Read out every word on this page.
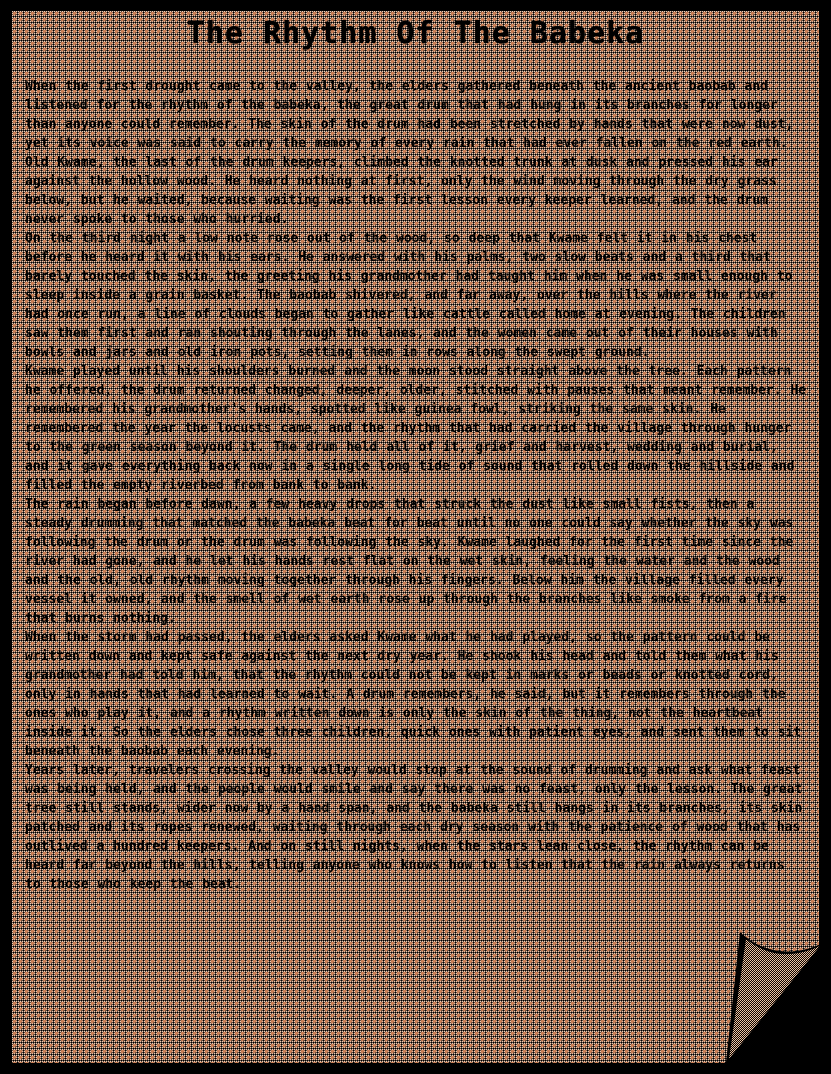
The Rhythm Of The Babeka

When the first drought came to the valley, the elders gathered beneath the ancient baobab and listened for the rhythm of the babeka, the great drum that had hung in its branches for longer than anyone could remember. The skin of the drum had been stretched by hands that were now dust, yet its voice was said to carry the memory of every rain that had ever fallen on the red earth. Old Kwame, the last of the drum keepers, climbed the knotted trunk at dusk and pressed his ear against the hollow wood. He heard nothing at first, only the wind moving through the dry grass below, but he waited, because waiting was the first lesson every keeper learned, and the drum never spoke to those who hurried.

On the third night a low note rose out of the wood, so deep that Kwame felt it in his chest before he heard it with his ears. He answered with his palms, two slow beats and a third that barely touched the skin, the greeting his grandmother had taught him when he was small enough to sleep inside a grain basket. The baobab shivered, and far away, over the hills where the river had once run, a line of clouds began to gather like cattle called home at evening. The children saw them first and ran shouting through the lanes, and the women came out of their houses with bowls and jars and old iron pots, setting them in rows along the swept ground.

Kwame played until his shoulders burned and the moon stood straight above the tree. Each pattern he offered, the drum returned changed, deeper, older, stitched with pauses that meant remember. He remembered his grandmother's hands, spotted like guinea fowl, striking the same skin. He remembered the year the locusts came, and the rhythm that had carried the village through hunger to the green season beyond it. The drum held all of it, grief and harvest, wedding and burial, and it gave everything back now in a single long tide of sound that rolled down the hillside and filled the empty riverbed from bank to bank.

The rain began before dawn, a few heavy drops that struck the dust like small fists, then a steady drumming that matched the babeka beat for beat until no one could say whether the sky was following the drum or the drum was following the sky. Kwame laughed for the first time since the river had gone, and he let his hands rest flat on the wet skin, feeling the water and the wood and the old, old rhythm moving together through his fingers. Below him the village filled every vessel it owned, and the smell of wet earth rose up through the branches like smoke from a fire that burns nothing.

When the storm had passed, the elders asked Kwame what he had played, so the pattern could be written down and kept safe against the next dry year. He shook his head and told them what his grandmother had told him, that the rhythm could not be kept in marks or beads or knotted cord, only in hands that had learned to wait. A drum remembers, he said, but it remembers through the ones who play it, and a rhythm written down is only the skin of the thing, not the heartbeat inside it. So the elders chose three children, quick ones with patient eyes, and sent them to sit beneath the baobab each evening.

Years later, travelers crossing the valley would stop at the sound of drumming and ask what feast was being held, and the people would smile and say there was no feast, only the lesson. The great tree still stands, wider now by a hand span, and the babeka still hangs in its branches, its skin patched and its ropes renewed, waiting through each dry season with the patience of wood that has outlived a hundred keepers. And on still nights, when the stars lean close, the rhythm can be heard far beyond the hills, telling anyone who knows how to listen that the rain always returns to those who keep the beat.
